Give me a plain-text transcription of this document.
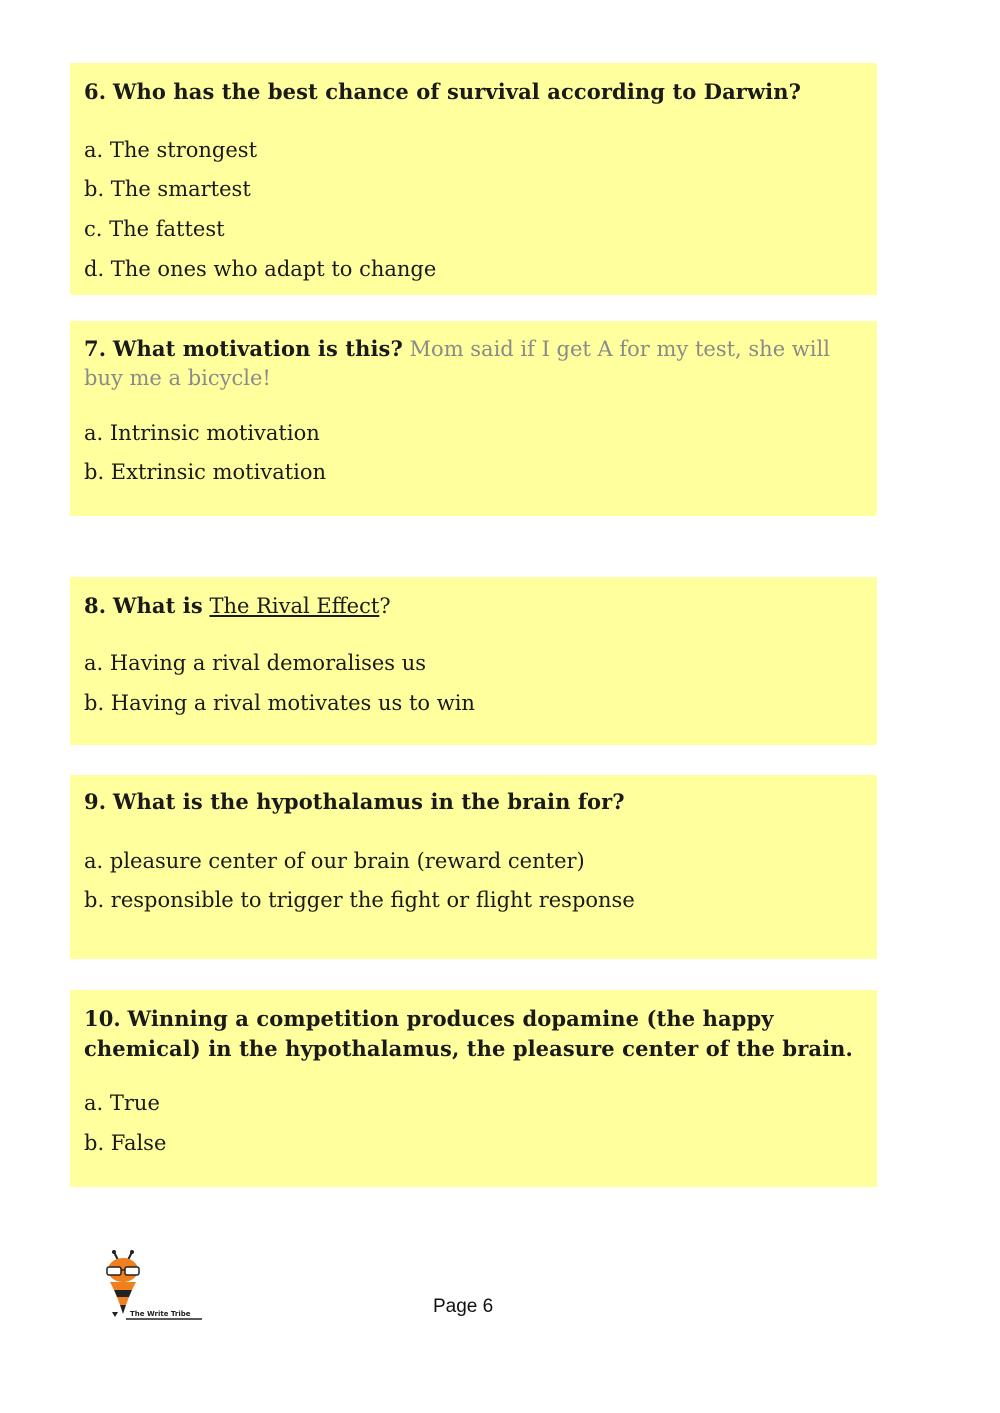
6. Who has the best chance of survival according to Darwin?

a. The strongest

b. The smartest

c. The fattest

d. The ones who adapt to change

7. What motivation is this? Mom said if I get A for my test, she will buy me a bicycle!

a. Intrinsic motivation

b. Extrinsic motivation

8. What is The Rival Effect?

a. Having a rival demoralises us

b. Having a rival motivates us to win

9. What is the hypothalamus in the brain for?

a. pleasure center of our brain (reward center)

b. responsible to trigger the fight or flight response

10. Winning a competition produces dopamine (the happy chemical) in the hypothalamus, the pleasure center of the brain.

a. True

b. False

The Write Tribe	Page 6
